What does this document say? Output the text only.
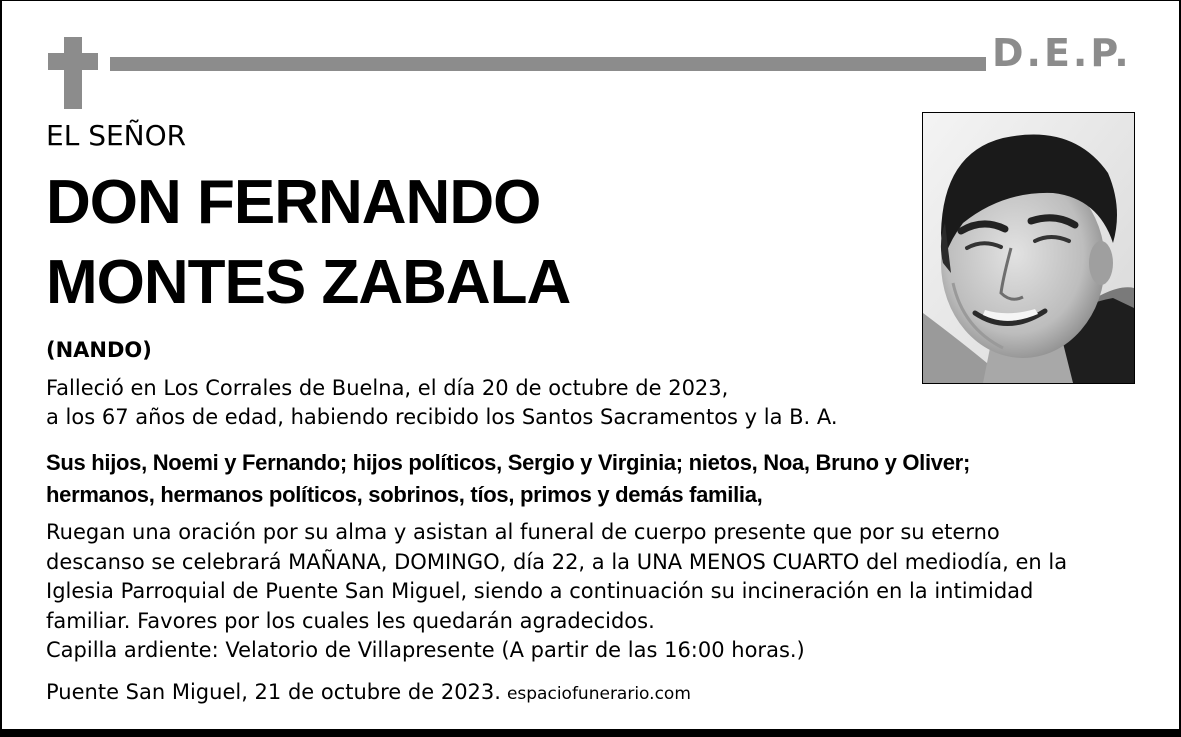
D.E.P.
EL SEÑOR
DON FERNANDO
MONTES ZABALA
(NANDO)
Falleció en Los Corrales de Buelna, el día 20 de octubre de 2023,
a los 67 años de edad, habiendo recibido los Santos Sacramentos y la B. A.
Sus hijos, Noemi y Fernando; hijos políticos, Sergio y Virginia; nietos, Noa, Bruno y Oliver;
hermanos, hermanos políticos, sobrinos, tíos, primos y demás familia,
Ruegan una oración por su alma y asistan al funeral de cuerpo presente que por su eterno
descanso se celebrará MAÑANA, DOMINGO, día 22, a la UNA MENOS CUARTO del mediodía, en la
Iglesia Parroquial de Puente San Miguel, siendo a continuación su incineración en la intimidad
familiar. Favores por los cuales les quedarán agradecidos.
Capilla ardiente: Velatorio de Villapresente (A partir de las 16:00 horas.)
Puente San Miguel, 21 de octubre de 2023. espaciofunerario.com
